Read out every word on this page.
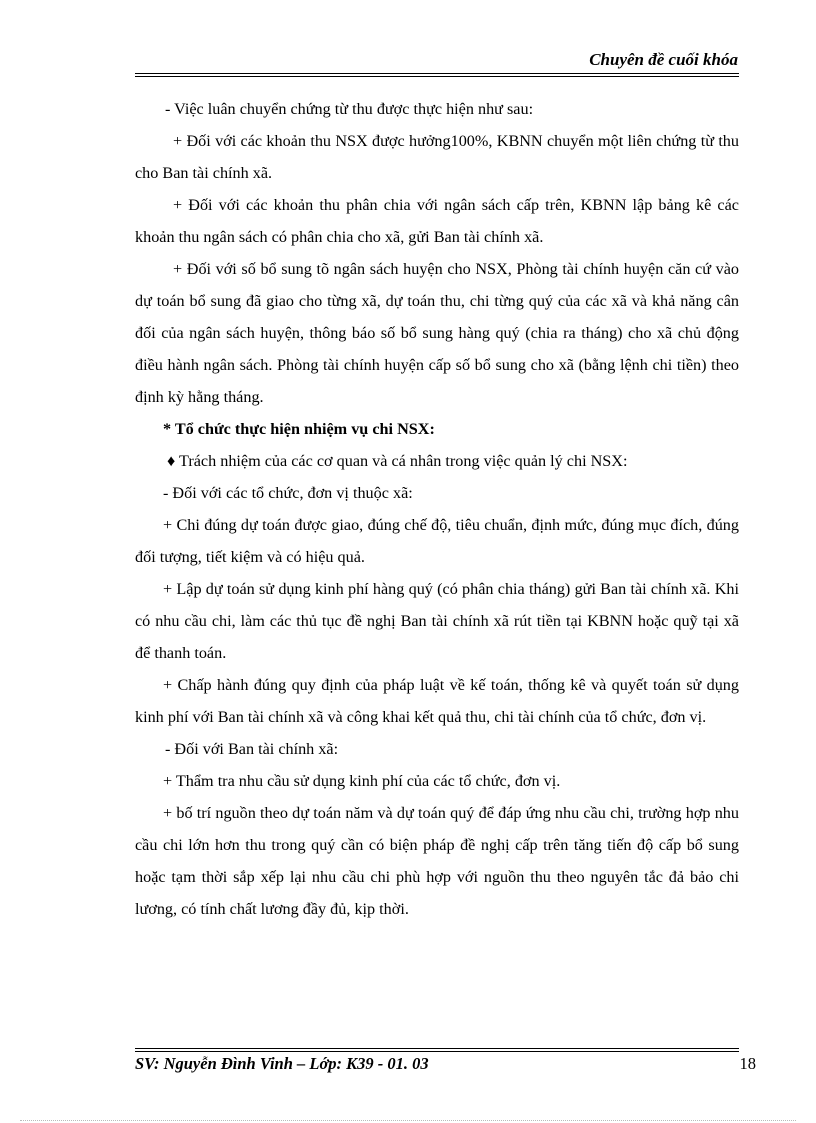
Chuyên đề cuối khóa

- Việc luân chuyển chứng từ thu được thực hiện như sau:

+ Đối với các khoản thu NSX được hưởng100%, KBNN chuyển một liên chứng từ thu cho Ban tài chính xã.

+ Đối với các khoản thu phân chia với ngân sách cấp trên, KBNN lập bảng kê các khoản thu ngân sách có phân chia cho xã, gửi Ban tài chính xã.

+ Đối với số bổ sung tõ ngân sách huyện cho NSX, Phòng tài chính huyện căn cứ vào dự toán bổ sung đã giao cho từng xã, dự toán thu, chi từng quý của các xã và khả năng cân đối của ngân sách huyện, thông báo số bổ sung hàng quý (chia ra tháng) cho xã chủ động điều hành ngân sách. Phòng tài chính huyện cấp số bổ sung cho xã (bằng lệnh chi tiền) theo định kỳ hằng tháng.

* Tổ chức thực hiện nhiệm vụ chi NSX:

♦ Trách nhiệm của các cơ quan và cá nhân trong việc quản lý chi NSX:

- Đối với các tổ chức, đơn vị thuộc xã:

+ Chi đúng dự toán được giao, đúng chế độ, tiêu chuẩn, định mức, đúng mục đích, đúng đối tượng, tiết kiệm và có hiệu quả.

+ Lập dự toán sử dụng kinh phí hàng quý (có phân chia tháng) gửi Ban tài chính xã. Khi có nhu cầu chi, làm các thủ tục đề nghị Ban tài chính xã rút tiền tại KBNN hoặc quỹ tại xã để thanh toán.

+ Chấp hành đúng quy định của pháp luật về kế toán, thống kê và quyết toán sử dụng kinh phí với Ban tài chính xã và công khai kết quả thu, chi tài chính của tổ chức, đơn vị.

- Đối với Ban tài chính xã:

+ Thẩm tra nhu cầu sử dụng kinh phí của các tổ chức, đơn vị.

+ bố trí nguồn theo dự toán năm và dự toán quý để đáp ứng nhu cầu chi, trường hợp nhu cầu chi lớn hơn thu trong quý cần có biện pháp đề nghị cấp trên tăng tiến độ cấp bổ sung hoặc tạm thời sắp xếp lại nhu cầu chi phù hợp với nguồn thu theo nguyên tắc đả bảo chi lương, có tính chất lương đầy đủ, kịp thời.

SV: Nguyễn Đình Vinh – Lớp: K39 - 01. 03	18
